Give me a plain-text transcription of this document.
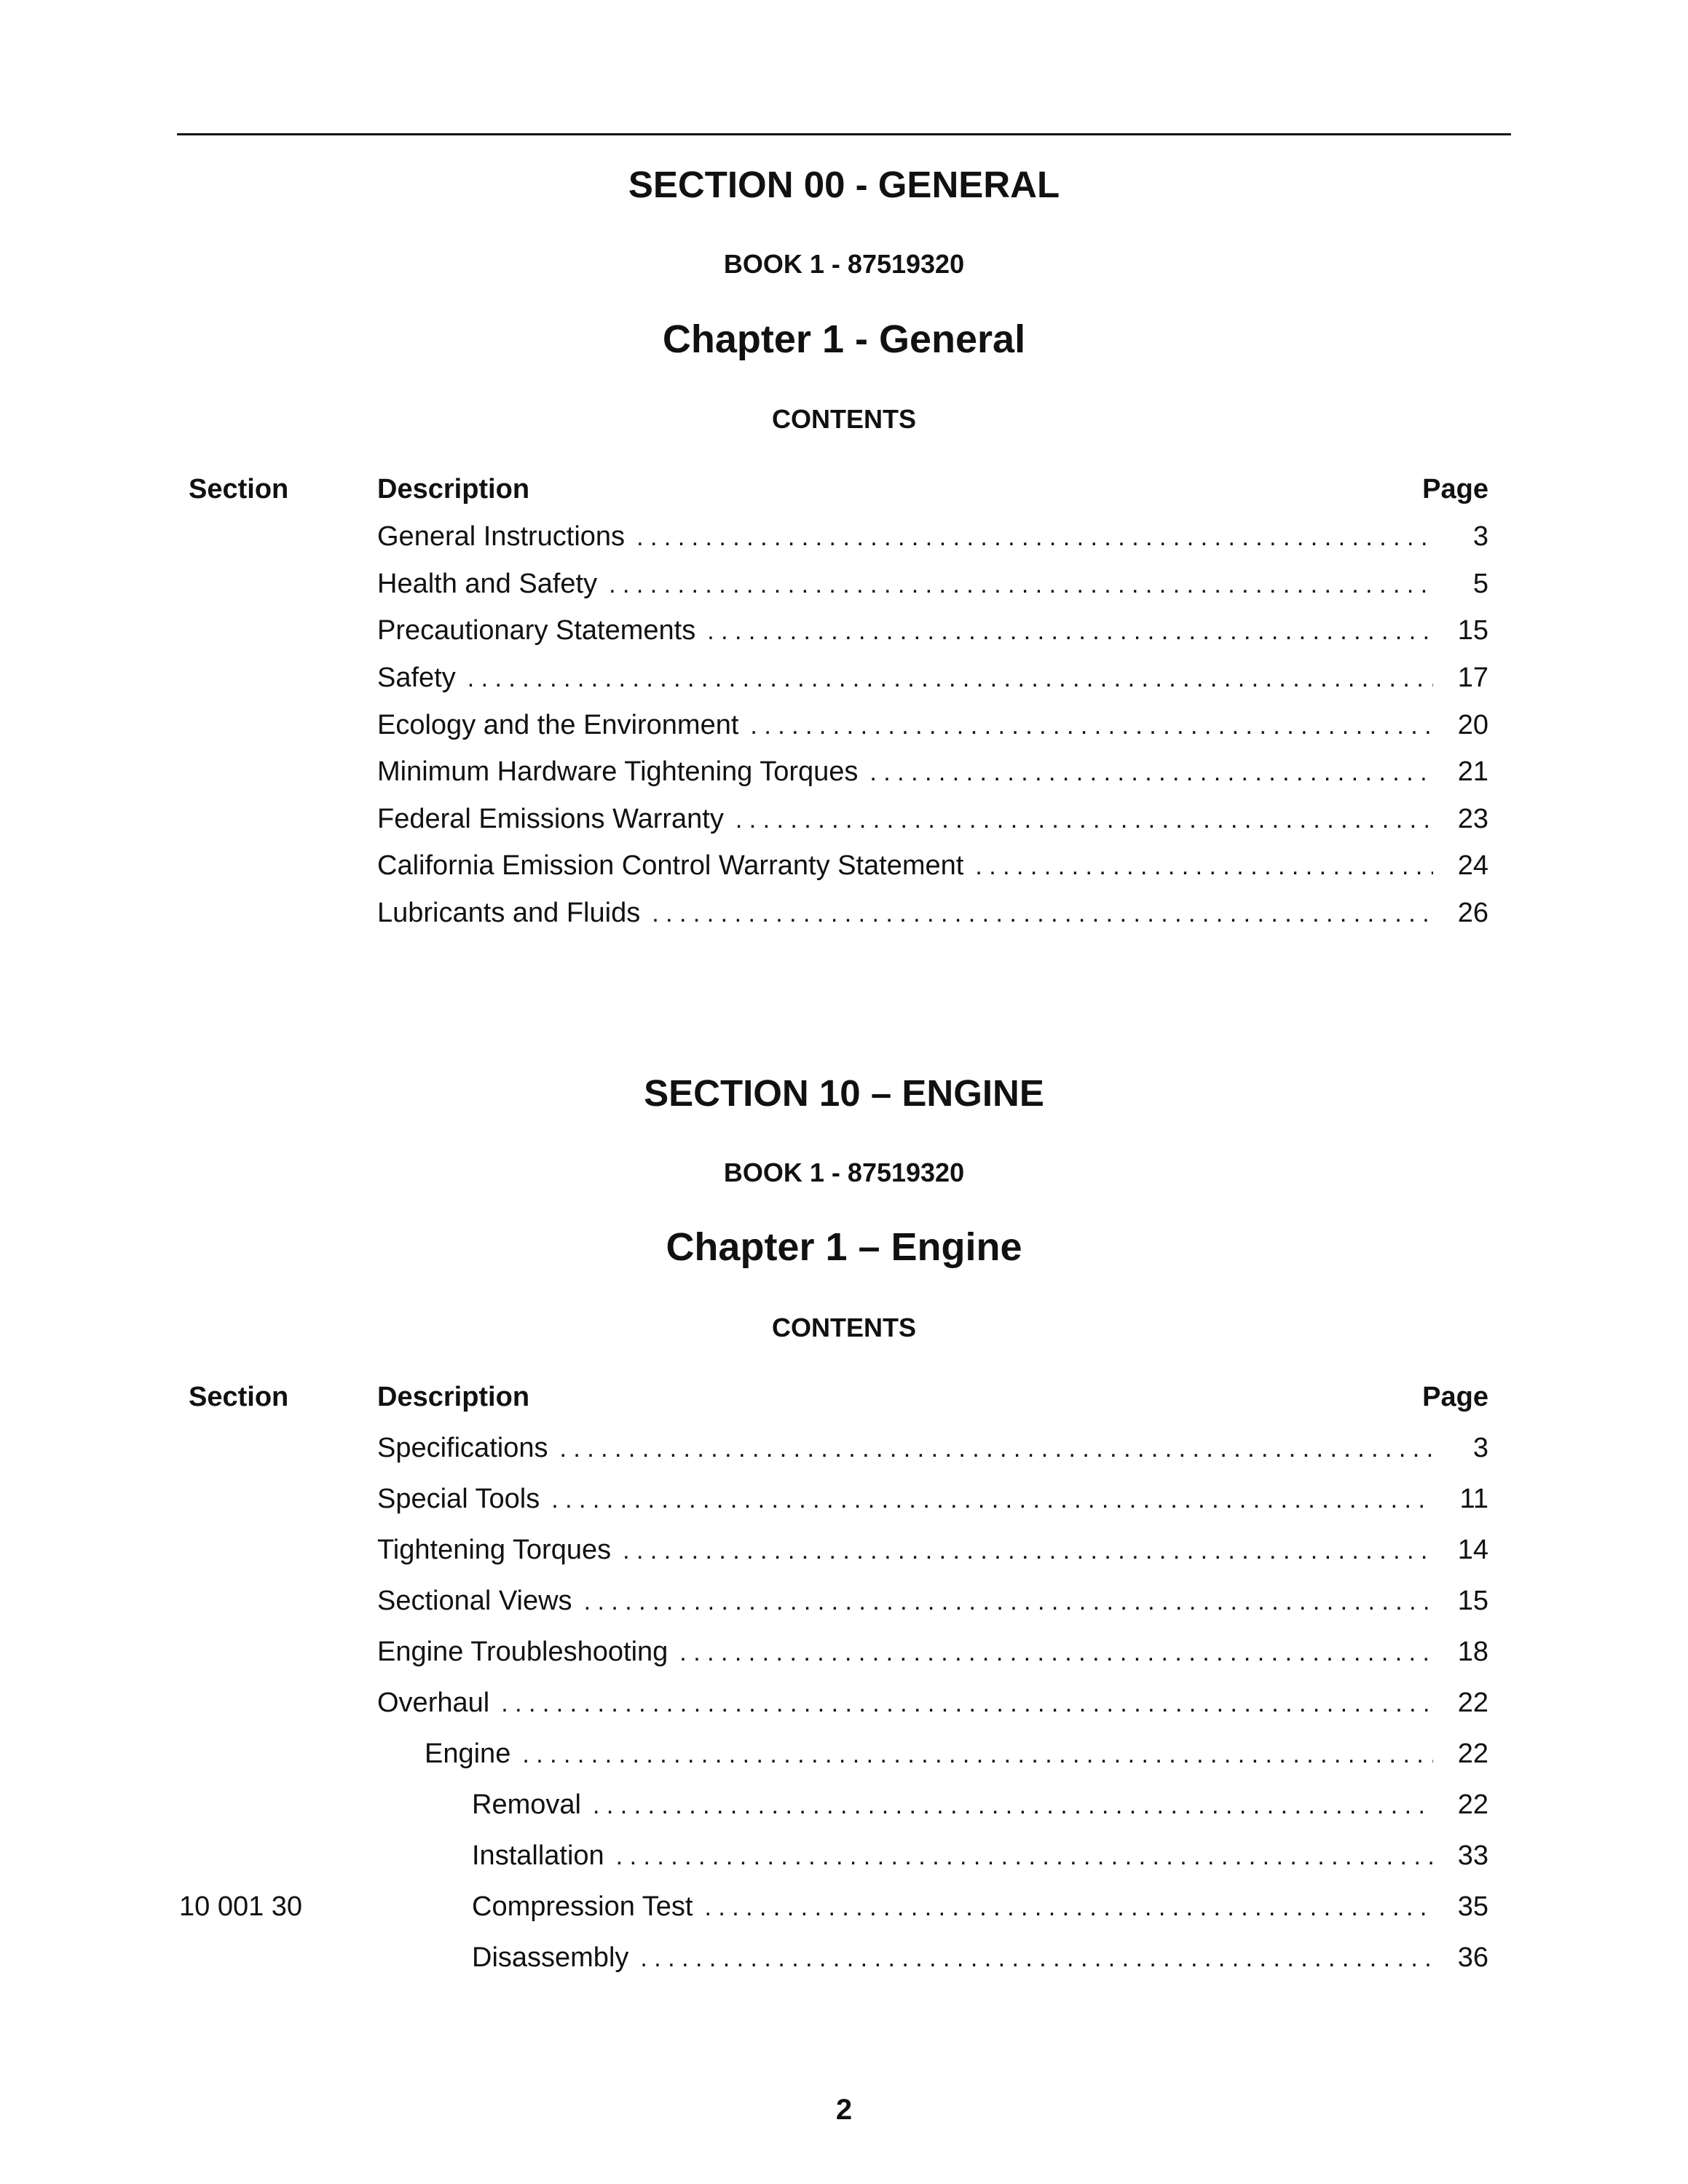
SECTION 00 - GENERAL
BOOK 1 - 87519320
Chapter 1 - General
CONTENTS
Section	Description	Page
General Instructions . . .	3
Health and Safety . . .	5
Precautionary Statements . . .	15
Safety . . .	17
Ecology and the Environment . . .	20
Minimum Hardware Tightening Torques . . .	21
Federal Emissions Warranty . . .	23
California Emission Control Warranty Statement . . .	24
Lubricants and Fluids . . .	26
SECTION 10 – ENGINE
BOOK 1 - 87519320
Chapter 1 – Engine
CONTENTS
Section	Description	Page
Specifications . . .	3
Special Tools . . .	11
Tightening Torques . . .	14
Sectional Views . . .	15
Engine Troubleshooting . . .	18
Overhaul . . .	22
Engine . . .	22
Removal . . .	22
Installation . . .	33
10 001 30	Compression Test . . .	35
Disassembly . . .	36
2
